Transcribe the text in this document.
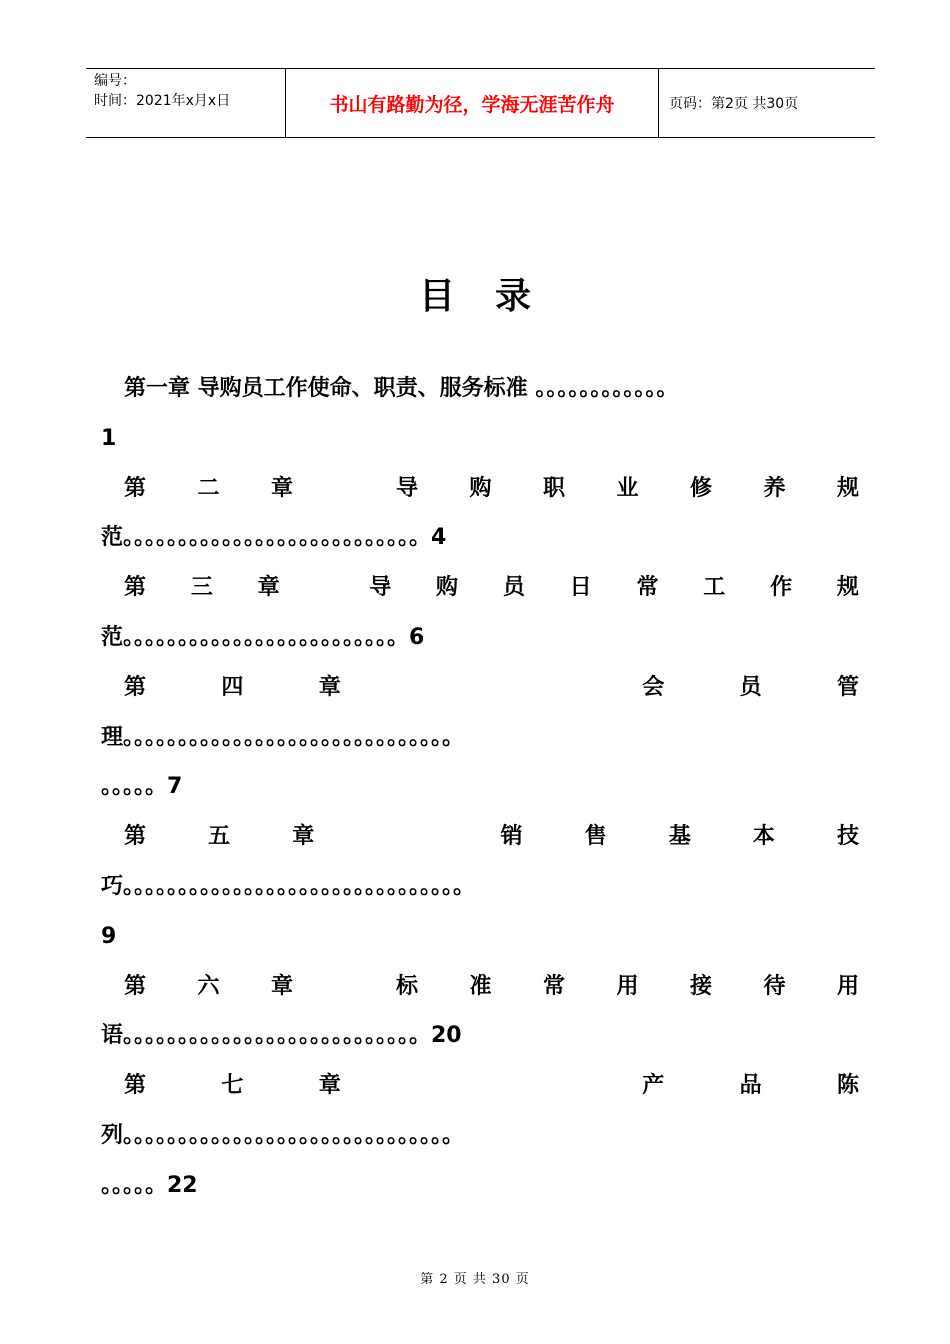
编号：
时间：2021年x月x日	书山有路勤为径，学海无涯苦作舟	页码：第2页 共30页
目录
第一章 导购员工作使命、职责、服务标准 。。。。。。。。。。。。
1
第 二 章	导 购 职 业 修 养 规
范。。。。。。。。。。。。。。。。。。。。。。。。。。。4
第 三 章	导 购 员 日 常 工 作 规
范。。。。。。。。。。。。。。。。。。。。。。。。。6
第	四	章	会	员	管
理。。。。。。。。。。。。。。。。。。。。。。。。。。。。。。
。。。。。7
第	五	章	销	售	基	本	技
巧。。。。。。。。。。。。。。。。。。。。。。。。。。。。。。。
9
第 六 章	标 准 常 用 接 待 用
语。。。。。。。。。。。。。。。。。。。。。。。。。。。20
第	七	章	产	品	陈
列。。。。。。。。。。。。。。。。。。。。。。。。。。。。。。
。。。。。22
第 2 页 共 30 页
